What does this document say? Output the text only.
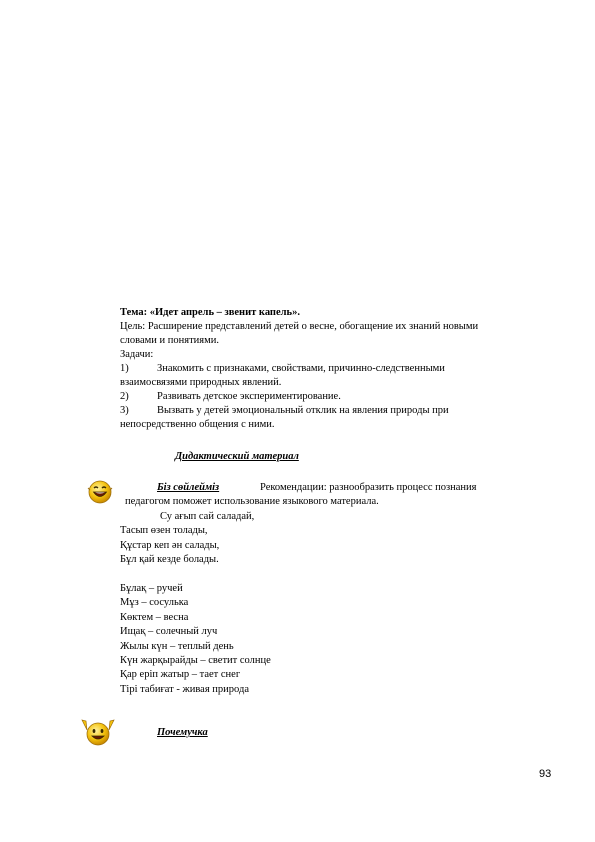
Тема: «Идет апрель – звенит капель».

Цель: Расширение представлений детей о весне, обогащение их знаний новыми

словами и понятиями.

Задачи:

1)	Знакомить с признаками, свойствами, причинно-следственными

взаимосвязями природных явлений.

2)	Развивать детское экспериментирование.

3)	Вызвать у детей эмоциональный отклик на явления природы при

непосредственно общения с ними.

Дидактический материал

Біз сөйлейміз	Рекомендации: разнообразить процесс познания

педагогом поможет использование языкового материала.

Су ағып сай саладай,

Тасып өзен толады,

Құстар кеп ән салады,

Бұл қай кезде болады.

Бұлақ – ручей

Мұз – сосулька

Көктем – весна

Ищақ – солечный луч

Жылы күн – теплый день

Күн жарқырайды – светит солнце

Қар еріп жатыр – тает снег

Тірі табиғат - живая природа

Почемучка

93
